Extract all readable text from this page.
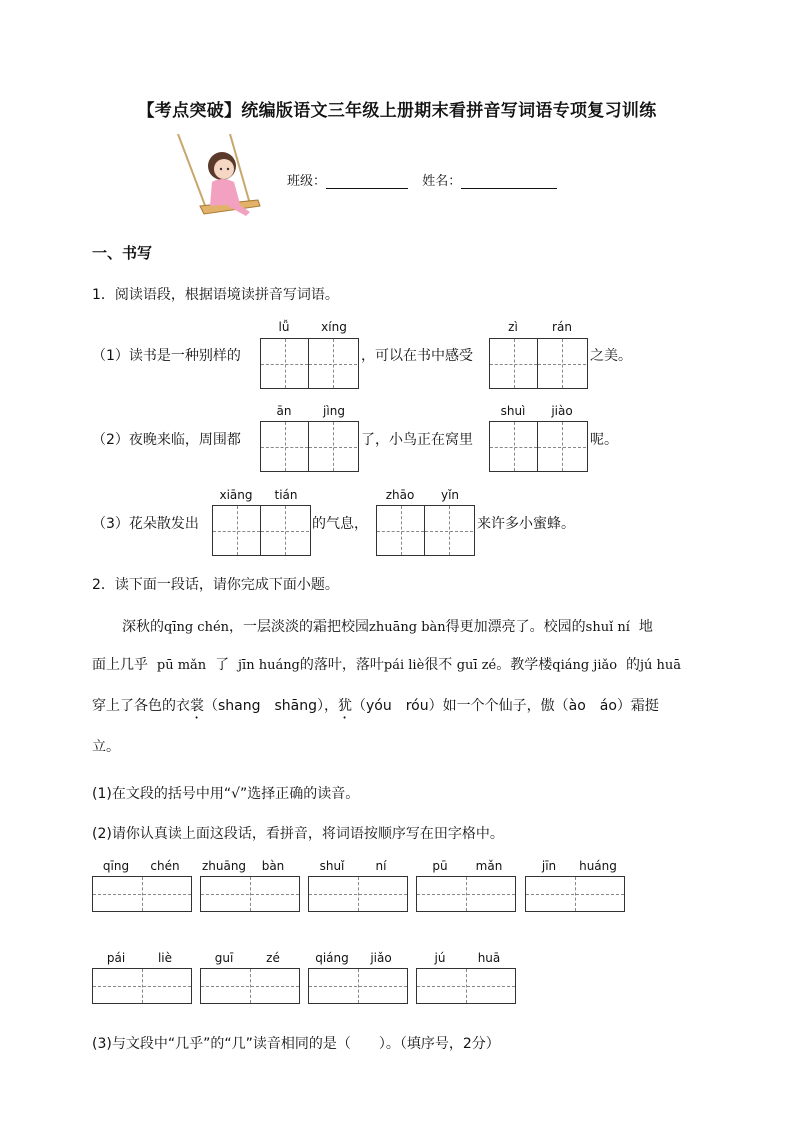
【考点突破】统编版语文三年级上册期末看拼音写词语专项复习训练
班级：	姓名：
一、书写
1．阅读语段，根据语境读拼音写词语。
（1）读书是一种别样的
lǚ	xíng
，可以在书中感受
zì	rán
之美。
（2）夜晚来临，周围都
ān	jìng
了，小鸟正在窝里
shuì	jiào
呢。
（3）花朵散发出
xiāng	tián
的气息，
zhāo	yǐn
来许多小蜜蜂。
2．读下面一段话，请你完成下面小题。
深秋的qīng chén，一层淡淡的霜把校园zhuāng bàn得更加漂亮了。校园的shuǐ ní 地
面上几乎 pū mǎn 了 jīn huáng的落叶，落叶pái liè很不 guī zé。教学楼qiáng jiǎo 的jú huā
穿上了各色的衣裳（shang　shāng），犹（yóu　róu）如一个个仙子，傲（ào　áo）霜挺
立。
(1)在文段的括号中用“√”选择正确的读音。
(2)请你认真读上面这段话，看拼音，将词语按顺序写在田字格中。
qīng	chén	zhuāng	bàn	shuǐ	ní	pū	mǎn	jīn	huáng
pái	liè	guī	zé	qiáng	jiǎo	jú	huā
(3)与文段中“几乎”的“几”读音相同的是（　　）。（填序号，2分）
